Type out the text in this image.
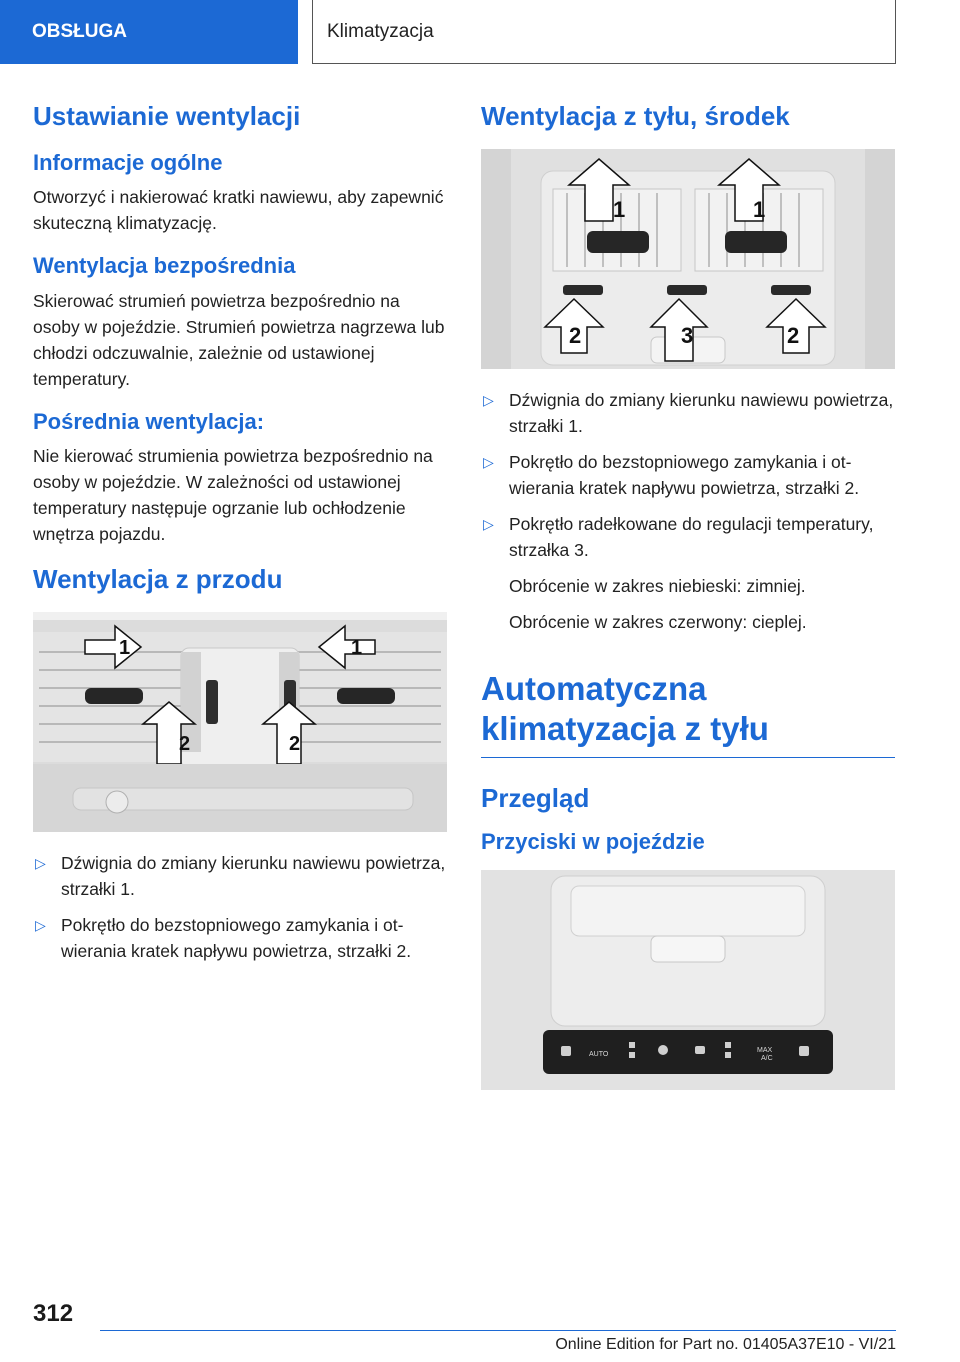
OBSŁUGA	Klimatyzacja
Ustawianie wentylacji
Informacje ogólne

Otworzyć i nakierować kratki nawiewu, aby zapewnić skuteczną klimatyzację.

Wentylacja bezpośrednia

Skierować strumień powietrza bezpośrednio na osoby w pojeździe. Strumień powietrza nagrzewa lub chłodzi odczuwalnie, zależnie od ustawionej temperatury.

Pośrednia wentylacja:

Nie kierować strumienia powietrza bezpośrednio na osoby w pojeździe. W zależności od ustawionej temperatury następuje ogrzanie lub ochłodzenie wnętrza pojazdu.

Wentylacja z przodu
1	1
2	2
▷ Dźwignia do zmiany kierunku nawiewu powietrza, strzałki 1.
▷ Pokrętło do bezstopniowego zamykania i otwierania kratek napływu powietrza, strzałki 2.
Wentylacja z tyłu, środek
1	1
2	3	2
▷ Dźwignia do zmiany kierunku nawiewu powietrza, strzałki 1.
▷ Pokrętło do bezstopniowego zamykania i otwierania kratek napływu powietrza, strzałki 2.
▷ Pokrętło radełkowane do regulacji temperatury, strzałka 3.
Obrócenie w zakres niebieski: zimniej.
Obrócenie w zakres czerwony: cieplej.
Automatyczna klimatyzacja z tyłu
Przegląd
Przyciski w pojeździe
AUTO
MAX
A/C
312
Online Edition for Part no. 01405A37E10 - VI/21
